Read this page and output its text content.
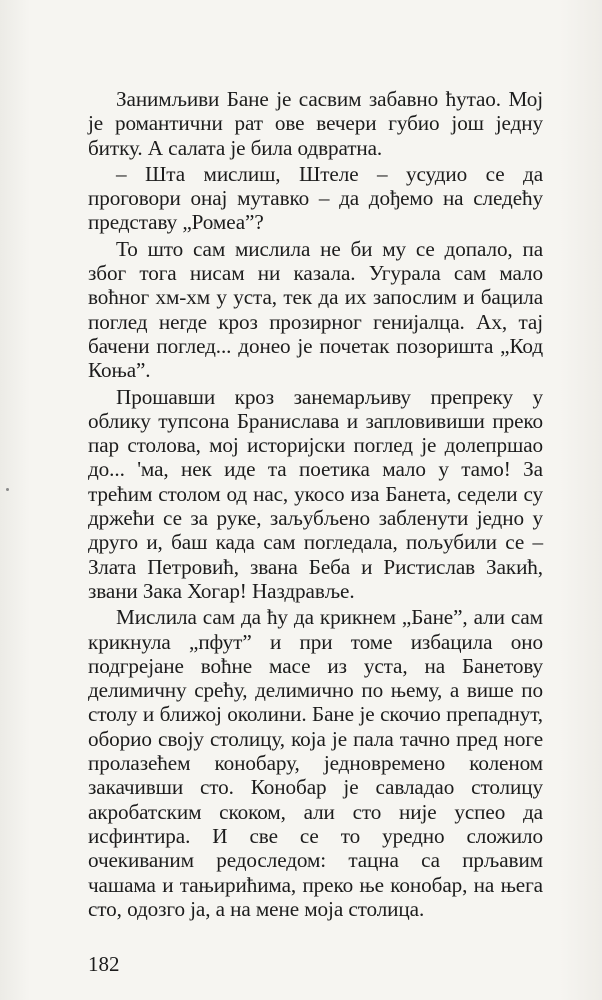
Занимљиви Бане је сасвим забавно ћутао. Мој је романтични рат ове вечери губио још једну битку. А салата је била одвратна.

– Шта мислиш, Штеле – усудио се да проговори онај мутавко – да дођемо на следећу представу „Ромеа”?

То што сам мислила не би му се допало, па због тога нисам ни казала. Угурала сам мало воћног хм-хм у уста, тек да их запослим и бацила поглед негде кроз прозирног генијалца. Ах, тај бачени поглед... донео је почетак позоришта „Код Коња”.

Прошавши кроз занемарљиву препреку у облику тупсона Бранислава и запловивиши преко пар столова, мој историјски поглед је долепршао до... 'ма, нек иде та поетика мало у тамо! За трећим столом од нас, укосо иза Банета, седели су држећи се за руке, заљубљено забленути једно у друго и, баш када сам погледала, пољубили се – Злата Петровић, звана Беба и Ристислав Закић, звани Зака Хогар! Наздравље.

Мислила сам да ћу да крикнем „Бане”, али сам крикнула „пфут” и при томе избацила оно подгрејане воћне масе из уста, на Банетову делимичну срећу, делимично по њему, а више по столу и ближој околини. Бане је скочио препаднут, оборио своју столицу, која је пала тачно пред ноге пролазећем конобару, једновремено коленом закачивши сто. Конобар је савладао столицу акробатским скоком, али сто није успео да исфинтира. И све се то уредно сложило очекиваним редоследом: тацна са прљавим чашама и тањирићима, преко ње конобар, на њега сто, одозго ја, а на мене моја столица.

182
